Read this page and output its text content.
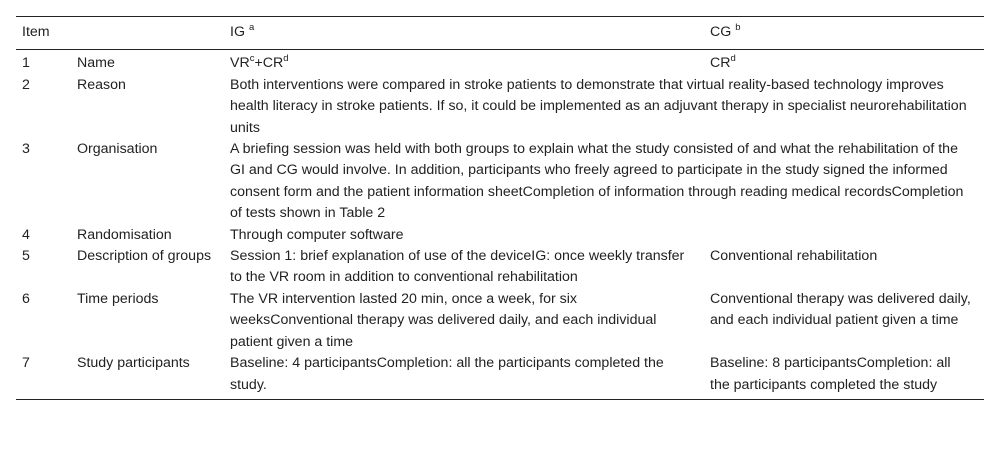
Item		IG $^a$	CG $^b$
1	Name	$VR^c+CR^d$	$CR^d$
2	Reason	Both interventions were compared in stroke patients to demonstrate that virtual reality-based technology improves health literacy in stroke patients. If so, it could be implemented as an adjuvant therapy in specialist neurorehabilitation units	
3	Organisation	A briefing session was held with both groups to explain what the study consisted of and what the rehabilitation of the GI and CG would involve. In addition, participants who freely agreed to participate in the study signed the informed consent form and the patient information sheetCompletion of information through reading medical recordsCompletion of tests shown in Table 2	
4	Randomisation	Through computer software	
5	Description of groups	Session 1: brief explanation of use of the deviceIG: once weekly transfer to the VR room in addition to conventional rehabilitation	Conventional rehabilitation
6	Time periods	The VR intervention lasted 20 min, once a week, for six weeksConventional therapy was delivered daily, and each individual patient given a time	Conventional therapy was delivered daily, and each individual patient given a time
7	Study participants	Baseline: 4 participantsCompletion: all the participants completed the study.	Baseline: 8 participantsCompletion: all the participants completed the study
